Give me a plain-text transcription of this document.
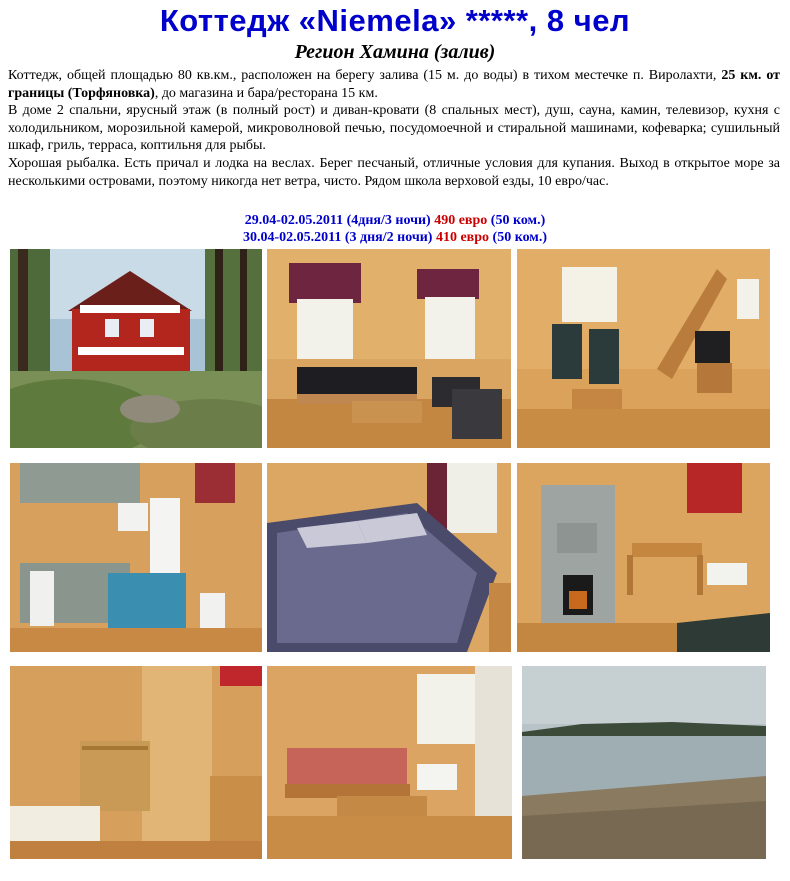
Коттедж «Niemela» *****, 8 чел
Регион Хамина (залив)

Коттедж, общей площадью 80 кв.км., расположен на берегу залива (15 м. до воды) в тихом местечке п. Виролахти, 25 км. от границы (Торфяновка), до магазина и бара/ресторана 15 км.

В доме 2 спальни, ярусный этаж (в полный рост) и диван-кровати (8 спальных мест), душ, сауна, камин, телевизор, кухня с холодильником, морозильной камерой, микроволновой печью, посудомоечной и стиральной машинами, кофеварка; сушильный шкаф, гриль, терраса, коптильня для рыбы.

Хорошая рыбалка. Есть причал и лодка на веслах. Берег песчаный, отличные условия для купания. Выход в открытое море за несколькими островами, поэтому никогда нет ветра, чисто. Рядом школа верховой езды, 10 евро/час.

29.04-02.05.2011 (4дня/3 ночи) 490 евро (50 ком.)
30.04-02.05.2011 (3 дня/2 ночи) 410 евро (50 ком.)
